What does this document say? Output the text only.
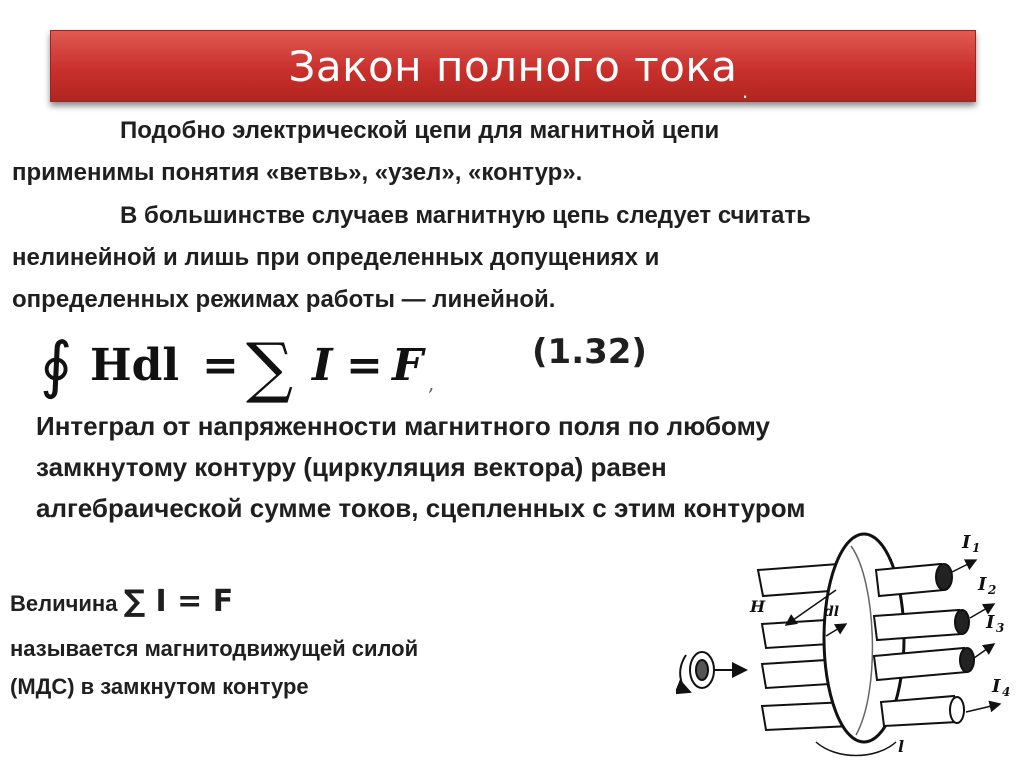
Закон полного тока .
Подобно электрической цепи для магнитной цепи
применимы понятия «ветвь», «узел», «контур».
В большинстве случаев магнитную цепь следует считать
нелинейной и лишь при определенных допущениях и
определенных режимах работы — линейной.
∮ Hdl = ∑ I = F ,
(1.32)
Интеграл от напряженности магнитного поля по любому
замкнутому контуру (циркуляция вектора) равен
алгебраической сумме токов, сцепленных с этим контуром
Величина ∑ I = F
называется магнитодвижущей силой
(МДС) в замкнутом контуре
I 1
I 2
I 3
I 4
H	dl
l
